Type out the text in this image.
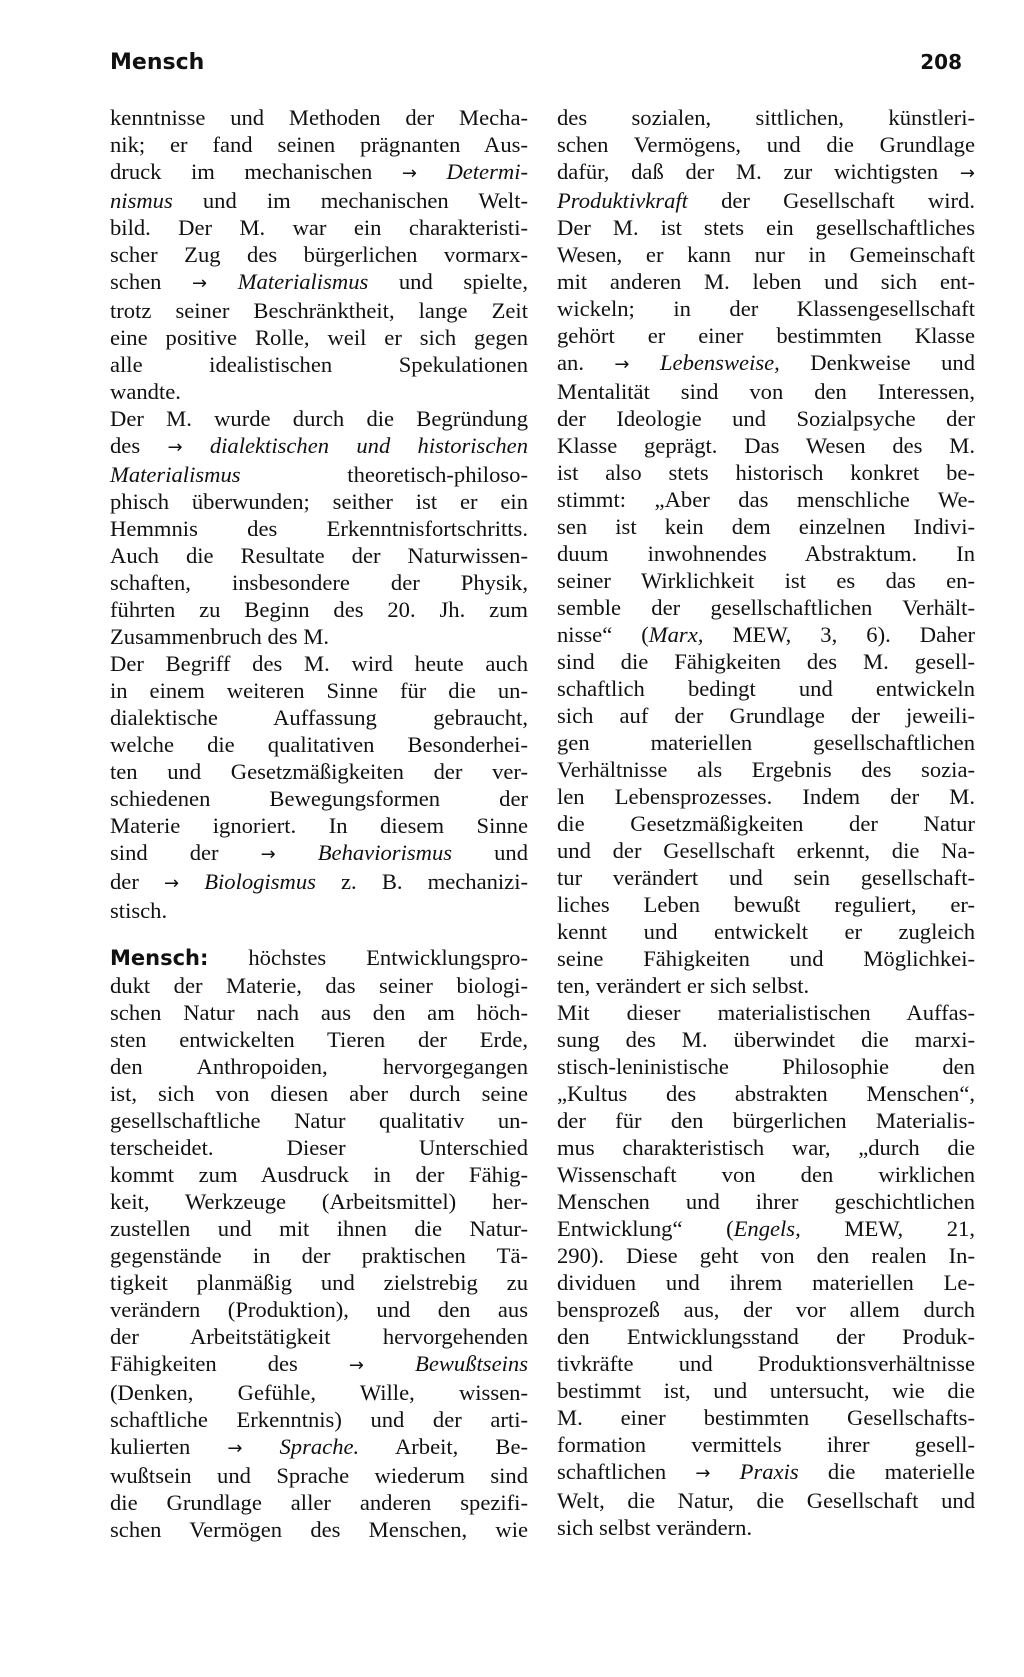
Mensch	208

kenntnisse und Methoden der Mecha-
nik; er fand seinen prägnanten Aus-
druck im mechanischen → Determi-
nismus und im mechanischen Welt-
bild. Der M. war ein charakteristi-
scher Zug des bürgerlichen vormarx-
schen → Materialismus und spielte,
trotz seiner Beschränktheit, lange Zeit
eine positive Rolle, weil er sich gegen
alle idealistischen Spekulationen
wandte.

Der M. wurde durch die Begründung
des → dialektischen und historischen
Materialismus theoretisch-philoso-
phisch überwunden; seither ist er ein
Hemmnis des Erkenntnisfortschritts.
Auch die Resultate der Naturwissen-
schaften, insbesondere der Physik,
führten zu Beginn des 20. Jh. zum
Zusammenbruch des M.

Der Begriff des M. wird heute auch
in einem weiteren Sinne für die un-
dialektische Auffassung gebraucht,
welche die qualitativen Besonderhei-
ten und Gesetzmäßigkeiten der ver-
schiedenen Bewegungsformen der
Materie ignoriert. In diesem Sinne
sind der → Behaviorismus und
der → Biologismus z. B. mechanizi-
stisch.

Mensch: höchstes Entwicklungspro-
dukt der Materie, das seiner biologi-
schen Natur nach aus den am höch-
sten entwickelten Tieren der Erde,
den Anthropoiden, hervorgegangen
ist, sich von diesen aber durch seine
gesellschaftliche Natur qualitativ un-
terscheidet. Dieser Unterschied
kommt zum Ausdruck in der Fähig-
keit, Werkzeuge (Arbeitsmittel) her-
zustellen und mit ihnen die Natur-
gegenstände in der praktischen Tä-
tigkeit planmäßig und zielstrebig zu
verändern (Produktion), und den aus
der Arbeitstätigkeit hervorgehenden
Fähigkeiten des → Bewußtseins
(Denken, Gefühle, Wille, wissen-
schaftliche Erkenntnis) und der arti-
kulierten → Sprache. Arbeit, Be-
wußtsein und Sprache wiederum sind
die Grundlage aller anderen spezifi-
schen Vermögen des Menschen, wie

des sozialen, sittlichen, künstleri-
schen Vermögens, und die Grundlage
dafür, daß der M. zur wichtigsten →
Produktivkraft der Gesellschaft wird.
Der M. ist stets ein gesellschaftliches
Wesen, er kann nur in Gemeinschaft
mit anderen M. leben und sich ent-
wickeln; in der Klassengesellschaft
gehört er einer bestimmten Klasse
an. → Lebensweise, Denkweise und
Mentalität sind von den Interessen,
der Ideologie und Sozialpsyche der
Klasse geprägt. Das Wesen des M.
ist also stets historisch konkret be-
stimmt: „Aber das menschliche We-
sen ist kein dem einzelnen Indivi-
duum inwohnendes Abstraktum. In
seiner Wirklichkeit ist es das en-
semble der gesellschaftlichen Verhält-
nisse“ (Marx, MEW, 3, 6). Daher
sind die Fähigkeiten des M. gesell-
schaftlich bedingt und entwickeln
sich auf der Grundlage der jeweili-
gen materiellen gesellschaftlichen
Verhältnisse als Ergebnis des sozia-
len Lebensprozesses. Indem der M.
die Gesetzmäßigkeiten der Natur
und der Gesellschaft erkennt, die Na-
tur verändert und sein gesellschaft-
liches Leben bewußt reguliert, er-
kennt und entwickelt er zugleich
seine Fähigkeiten und Möglichkei-
ten, verändert er sich selbst.

Mit dieser materialistischen Auffas-
sung des M. überwindet die marxi-
stisch-leninistische Philosophie den
„Kultus des abstrakten Menschen“,
der für den bürgerlichen Materialis-
mus charakteristisch war, „durch die
Wissenschaft von den wirklichen
Menschen und ihrer geschichtlichen
Entwicklung“ (Engels, MEW, 21,
290). Diese geht von den realen In-
dividuen und ihrem materiellen Le-
bensprozeß aus, der vor allem durch
den Entwicklungsstand der Produk-
tivkräfte und Produktionsverhältnisse
bestimmt ist, und untersucht, wie die
M. einer bestimmten Gesellschafts-
formation vermittels ihrer gesell-
schaftlichen → Praxis die materielle
Welt, die Natur, die Gesellschaft und
sich selbst verändern.
